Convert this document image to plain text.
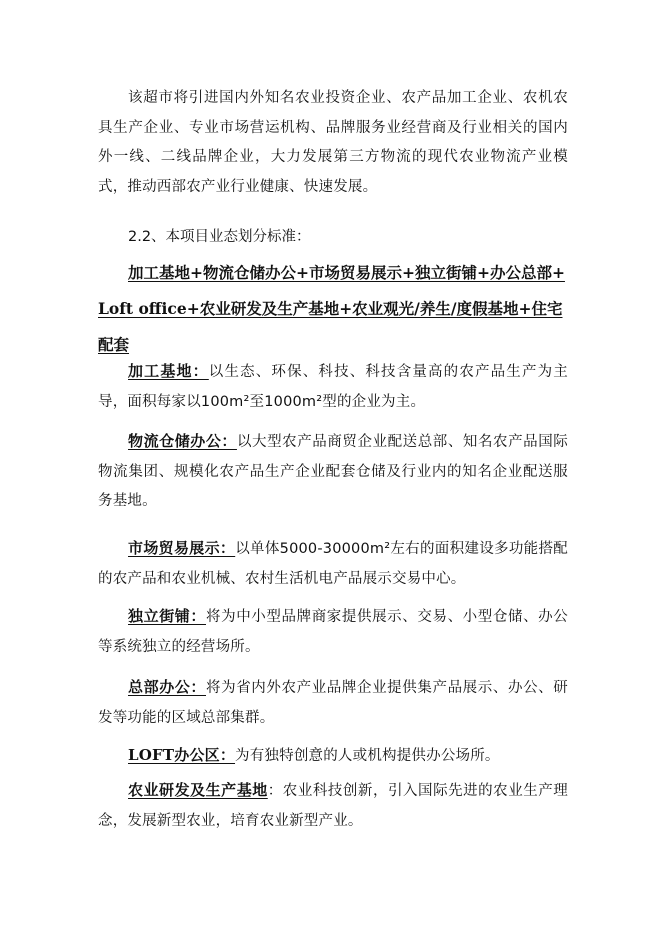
该超市将引进国内外知名农业投资企业、农产品加工企业、农机农具生产企业、专业市场营运机构、品牌服务业经营商及行业相关的国内外一线、二线品牌企业，大力发展第三方物流的现代农业物流产业模式，推动西部农产业行业健康、快速发展。

2.2、本项目业态划分标准：

加工基地+物流仓储办公+市场贸易展示+独立街铺+办公总部+Loft office+农业研发及生产基地+农业观光/养生/度假基地+住宅配套

加工基地：以生态、环保、科技、科技含量高的农产品生产为主导，面积每家以100m²至1000m²型的企业为主。

物流仓储办公：以大型农产品商贸企业配送总部、知名农产品国际物流集团、规模化农产品生产企业配套仓储及行业内的知名企业配送服务基地。

市场贸易展示：以单体5000-30000m²左右的面积建设多功能搭配的农产品和农业机械、农村生活机电产品展示交易中心。

独立街铺：将为中小型品牌商家提供展示、交易、小型仓储、办公等系统独立的经营场所。

总部办公：将为省内外农产业品牌企业提供集产品展示、办公、研发等功能的区域总部集群。

LOFT办公区：为有独特创意的人或机构提供办公场所。

农业研发及生产基地：农业科技创新，引入国际先进的农业生产理念，发展新型农业，培育农业新型产业。
